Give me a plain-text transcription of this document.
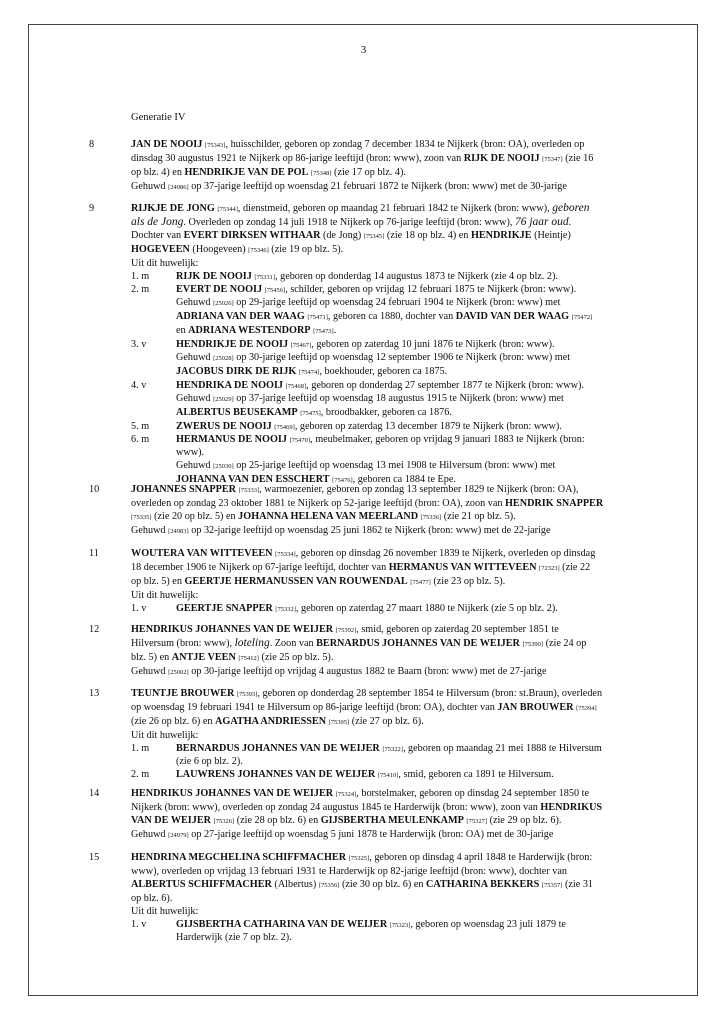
3
Generatie IV
8	JAN DE NOOIJ [75343], huisschilder, geboren op zondag 7 december 1834 te Nijkerk (bron: OA), overleden op
dinsdag 30 augustus 1921 te Nijkerk op 86-jarige leeftijd (bron: www), zoon van RIJK DE NOOIJ [75347] (zie 16
op blz. 4) en HENDRIKJE VAN DE POL [75348] (zie 17 op blz. 4).
Gehuwd [24986] op 37-jarige leeftijd op woensdag 21 februari 1872 te Nijkerk (bron: www) met de 30-jarige
9	RIJKJE DE JONG [75344], dienstmeid, geboren op maandag 21 februari 1842 te Nijkerk (bron: www), geboren
als de Jong. Overleden op zondag 14 juli 1918 te Nijkerk op 76-jarige leeftijd (bron: www), 76 jaar oud.
Dochter van EVERT DIRKSEN WITHAAR (de Jong) [75345] (zie 18 op blz. 4) en HENDRIKJE (Heintje)
HOGEVEEN (Hoogeveen) [75346] (zie 19 op blz. 5).
Uit dit huwelijk:
1. m	RIJK DE NOOIJ [75331], geboren op donderdag 14 augustus 1873 te Nijkerk (zie 4 op blz. 2).
2. m	EVERT DE NOOIJ [75456], schilder, geboren op vrijdag 12 februari 1875 te Nijkerk (bron: www).
Gehuwd [25026] op 29-jarige leeftijd op woensdag 24 februari 1904 te Nijkerk (bron: www) met
ADRIANA VAN DER WAAG [75471], geboren ca 1880, dochter van DAVID VAN DER WAAG [75472]
en ADRIANA WESTENDORP [75473].
3. v	HENDRIKJE DE NOOIJ [75467], geboren op zaterdag 10 juni 1876 te Nijkerk (bron: www).
Gehuwd [25028] op 30-jarige leeftijd op woensdag 12 september 1906 te Nijkerk (bron: www) met
JACOBUS DIRK DE RIJK [75474], boekhouder, geboren ca 1875.
4. v	HENDRIKA DE NOOIJ [75468], geboren op donderdag 27 september 1877 te Nijkerk (bron: www).
Gehuwd [25029] op 37-jarige leeftijd op woensdag 18 augustus 1915 te Nijkerk (bron: www) met
ALBERTUS BEUSEKAMP [75475], broodbakker, geboren ca 1876.
5. m	ZWERUS DE NOOIJ [75469], geboren op zaterdag 13 december 1879 te Nijkerk (bron: www).
6. m	HERMANUS DE NOOIJ [75470], meubelmaker, geboren op vrijdag 9 januari 1883 te Nijkerk (bron:
www).
Gehuwd [25030] op 25-jarige leeftijd op woensdag 13 mei 1908 te Hilversum (bron: www) met
JOHANNA VAN DEN ESSCHERT [75476], geboren ca 1884 te Epe.
10	JOHANNES SNAPPER [75333], warmoezenier, geboren op zondag 13 september 1829 te Nijkerk (bron: OA),
overleden op zondag 23 oktober 1881 te Nijkerk op 52-jarige leeftijd (bron: OA), zoon van HENDRIK SNAPPER
[75335] (zie 20 op blz. 5) en JOHANNA HELENA VAN MEERLAND [75336] (zie 21 op blz. 5).
Gehuwd [24983] op 32-jarige leeftijd op woensdag 25 juni 1862 te Nijkerk (bron: www) met de 22-jarige
11	WOUTERA VAN WITTEVEEN [75334], geboren op dinsdag 26 november 1839 te Nijkerk, overleden op dinsdag
18 december 1906 te Nijkerk op 67-jarige leeftijd, dochter van HERMANUS VAN WITTEVEEN [72323] (zie 22
op blz. 5) en GEERTJE HERMANUSSEN VAN ROUWENDAL [75477] (zie 23 op blz. 5).
Uit dit huwelijk:
1. v	GEERTJE SNAPPER [75332], geboren op zaterdag 27 maart 1880 te Nijkerk (zie 5 op blz. 2).
12	HENDRIKUS JOHANNES VAN DE WEIJER [75392], smid, geboren op zaterdag 20 september 1851 te
Hilversum (bron: www), loteling. Zoon van BERNARDUS JOHANNES VAN DE WEIJER [75390] (zie 24 op
blz. 5) en ANTJE VEEN [75412] (zie 25 op blz. 5).
Gehuwd [25002] op 30-jarige leeftijd op vrijdag 4 augustus 1882 te Baarn (bron: www) met de 27-jarige
13	TEUNTJE BROUWER [75393], geboren op donderdag 28 september 1854 te Hilversum (bron: st.Braun), overleden
op woensdag 19 februari 1941 te Hilversum op 86-jarige leeftijd (bron: OA), dochter van JAN BROUWER [75394]
(zie 26 op blz. 6) en AGATHA ANDRIESSEN [75395] (zie 27 op blz. 6).
Uit dit huwelijk:
1. m	BERNARDUS JOHANNES VAN DE WEIJER [75322], geboren op maandag 21 mei 1888 te Hilversum
(zie 6 op blz. 2).
2. m	LAUWRENS JOHANNES VAN DE WEIJER [75410], smid, geboren ca 1891 te Hilversum.
14	HENDRIKUS JOHANNES VAN DE WEIJER [75324], borstelmaker, geboren op dinsdag 24 september 1850 te
Nijkerk (bron: www), overleden op zondag 24 augustus 1845 te Harderwijk (bron: www), zoon van HENDRIKUS
VAN DE WEIJER [75326] (zie 28 op blz. 6) en GIJSBERTHA MEULENKAMP [75327] (zie 29 op blz. 6).
Gehuwd [24979] op 27-jarige leeftijd op woensdag 5 juni 1878 te Harderwijk (bron: OA) met de 30-jarige
15	HENDRINA MEGCHELINA SCHIFFMACHER [75325], geboren op dinsdag 4 april 1848 te Harderwijk (bron:
www), overleden op vrijdag 13 februari 1931 te Harderwijk op 82-jarige leeftijd (bron: www), dochter van
ALBERTUS SCHIFFMACHER (Albertus) [75356] (zie 30 op blz. 6) en CATHARINA BEKKERS [75357] (zie 31
op blz. 6).
Uit dit huwelijk:
1. v	GIJSBERTHA CATHARINA VAN DE WEIJER [75323], geboren op woensdag 23 juli 1879 te
Harderwijk (zie 7 op blz. 2).
